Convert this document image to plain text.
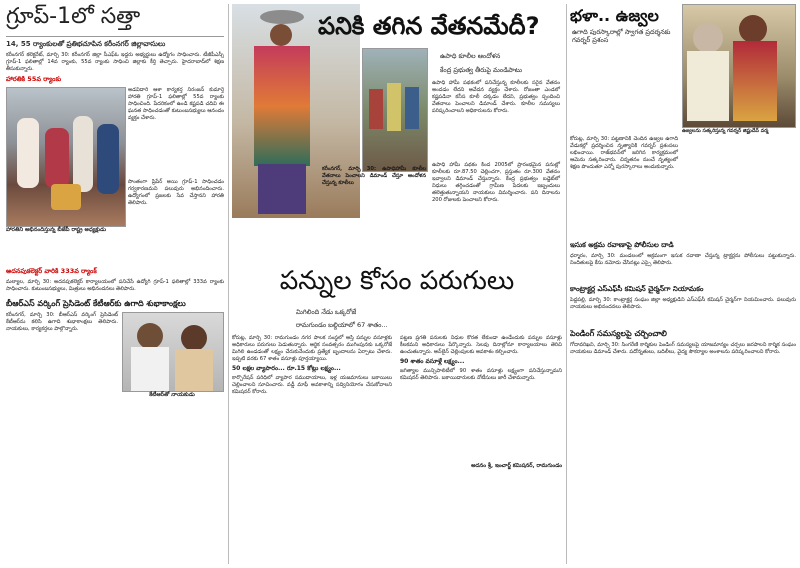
గ్రూప్‌-1లో సత్తా
14, 55 ర్యాంకులతో ప్రతిభచూపిన కరీంనగర్‌ జిల్లావాసులు

కరీంనగర్‌ కలెక్టరేట్‌, మార్చి 30: కరీంనగర్‌ జిల్లా సీఎఫ్‌ఓ ఇద్దరు అభ్యర్థులు ఉద్యోగం సాధించారు. టీజీపీఎస్సీ గ్రూప్‌-1 ఫలితాల్లో 14వ ర్యాంకు, 55వ ర్యాంకు సాధించి జిల్లాకు కీర్తి తెచ్చారు. హైదరాబాద్‌లో శిక్షణ తీసుకున్నారు.

హారతికి 55వ ర్యాంకు
హారతిని అభినందిస్తున్న బీజేపీ రాష్ట్ర అధ్యక్షుడు

అడవిదారి ఆశా కార్యకర్త నిరంజన్‌ కుమార్తె హారతి గ్రూప్‌-1 ఫలితాల్లో 55వ ర్యాంకు సాధించింది. పేదరికంలో ఉండి కష్టపడి చదివి ఈ ఘనత సాధించడంతో కుటుంబసభ్యులు ఆనందం వ్యక్తం చేశారు.

సొంతంగా ప్రిపేర్‌ అయి గ్రూప్‌-1 సాధించడం గర్వకారణమని పలువురు అభినందించారు. ఉద్యోగంలో ప్రజలకు సేవ చేస్తానని హారతి తెలిపారు.

అదనపుకలెక్టర్‌ వారికి 333వ ర్యాంక్‌

మల్యాల, మార్చి 30: అదనపుకలెక్టర్‌ కార్యాలయంలో పనిచేసే ఉద్యోగి గ్రూప్‌-1 ఫలితాల్లో 333వ ర్యాంకు సాధించారు. కుటుంబసభ్యులు, మిత్రులు అభినందనలు తెలిపారు.

బీఆర్‌ఎస్‌ వర్కింగ్‌ ప్రెసిడెంట్‌ కేటీఆర్‌కు ఉగాది శుభాకాంక్షలు

కరీంనగర్‌, మార్చి 30: బీఆర్‌ఎస్‌ వర్కింగ్‌ ప్రెసిడెంట్‌ కేటీఆర్‌ను కలిసి ఉగాది శుభాకాంక్షలు తెలిపారు. నాయకులు, కార్యకర్తలు పాల్గొన్నారు.

కేటీఆర్‌తో నాయకుడు
పనికి తగిన వేతనమేదీ?
ఉపాధి కూలీల ఆందోళన
కేంద్ర ప్రభుత్వ తీరుపై మండిపాటు

కరీంనగర్‌, మార్చి 30: ఉపాధిహామీ కూలీల వేతనాలు పెంచాలని డిమాండ్‌ చేస్తూ ఆందోళన చేస్తున్న కూలీలు

ఉపాధి హామీ పథకంలో పనిచేస్తున్న కూలీలకు సరైన వేతనం అందడం లేదని ఆవేదన వ్యక్తం చేశారు. రోజంతా ఎండలో కష్టపడినా కనీస కూలీ దక్కడం లేదని, ప్రభుత్వం స్పందించి వేతనాలు పెంచాలని డిమాండ్‌ చేశారు. కూలీల సమస్యలు పరిష్కరించాలని అధికారులను కోరారు.

ఉపాధి హామీ పథకం కింద 2005లో ప్రారంభమైన పనుల్లో కూలీలకు రూ.87.50 చెల్లించగా, ప్రస్తుతం రూ.300 వేతనం ఇవ్వాలని డిమాండ్‌ చేస్తున్నారు. కేంద్ర ప్రభుత్వం బడ్జెట్‌లో నిధులు తగ్గించడంతో గ్రామీణ పేదలకు ఇబ్బందులు తలెత్తుతున్నాయని నాయకులు విమర్శించారు. పని దినాలను 200 రోజులకు పెంచాలని కోరారు.

పన్నుల కోసం పరుగులు
మిగిలింది నేడు ఒక్కరోజే
రామగుండం బల్దియాలో 67 శాతం...

కోరుట్ల, మార్చి 30: రామగుండం నగర పాలక సంస్థలో ఆస్తి పన్నుల వసూళ్లకు అధికారులు పరుగులు పెడుతున్నారు. ఆర్థిక సంవత్సరం ముగింపునకు ఒక్కరోజే మిగిలి ఉండడంతో లక్ష్యం చేరుకునేందుకు ప్రత్యేక బృందాలను ఏర్పాటు చేశారు. ఇప్పటి వరకు 67 శాతం వసూళ్లు పూర్తయ్యాయి.

50 లక్షల వ్యాపారం... రూ.15 కోట్లు లక్ష్యం...

కార్పొరేషన్‌ పరిధిలో వ్యాపార సముదాయాలు, ఇళ్ల యజమానులు బకాయిలు చెల్లించాలని సూచించారు. వడ్డీ మాఫీ అవకాశాన్ని సద్వినియోగం చేసుకోవాలని కమిషనర్‌ కోరారు.

పట్టణ ప్రగతి పనులకు నిధుల కొరత లేకుండా ఉండేందుకు పన్నుల వసూళ్లు కీలకమని అధికారులు పేర్కొన్నారు. సెలవు దినాల్లోనూ కార్యాలయాలు తెరిచి ఉంచుతున్నారు. ఆన్‌లైన్‌ చెల్లింపులకు అవకాశం కల్పించారు.

90 శాతం వసూళ్లే లక్ష్యం...

జగిత్యాల మున్సిపాలిటీలో 90 శాతం వసూళ్లు లక్ష్యంగా పనిచేస్తున్నామని కమిషనర్‌ తెలిపారు. బకాయిదారులకు నోటీసులు జారీ చేశామన్నారు.

అదనం శ్రీ, ఇంచార్జ్‌ కమిషనర్‌, రామగుండం
భళా.. ఉజ్వల
ఉగాది పురస్కారాల్లో స్వాగత ప్రదర్శనకు గవర్నర్‌ ప్రశంస
ఉజ్వలను సత్కరిస్తున్న గవర్నర్‌ జిష్ణుదేవ్‌ వర్మ

కోరుట్ల, మార్చి 30: పట్టణానికి చెందిన ఉజ్వల ఉగాది వేడుకల్లో ప్రదర్శించిన నృత్యానికి గవర్నర్‌ ప్రశంసలు లభించాయి. రాజ్‌భవన్‌లో జరిగిన కార్యక్రమంలో ఆమెను సత్కరించారు. చిన్నతనం నుంచే నృత్యంలో శిక్షణ పొందుతూ ఎన్నో పురస్కారాలు అందుకున్నారు.

ఇసుక అక్రమ రవాణాపై పోలీసుల దాడి

ధర్మారం, మార్చి 30: మండలంలో అక్రమంగా ఇసుక రవాణా చేస్తున్న ట్రాక్టర్లను పోలీసులు పట్టుకున్నారు. నిందితులపై కేసు నమోదు చేసినట్లు ఎస్సై తెలిపారు.

కాంట్రాక్టర్ల ఎస్‌ఎఫ్‌సీ కమిషన్‌ చైర్మన్‌గా నియామకం

పెద్దపల్లి, మార్చి 30: కాంట్రాక్టర్ల సంఘం జిల్లా అధ్యక్షుడిని ఎస్‌ఎఫ్‌సీ కమిషన్‌ చైర్మన్‌గా నియమించారు. పలువురు నాయకులు అభినందనలు తెలిపారు.

పెండింగ్‌ సమస్యలపై చర్చించాలి

గోదావరిఖని, మార్చి 30: సింగరేణి కార్మికుల పెండింగ్‌ సమస్యలపై యాజమాన్యం చర్చలు జరపాలని కార్మిక సంఘం నాయకులు డిమాండ్‌ చేశారు. పదోన్నతులు, బదిలీలు, వైద్య సౌకర్యాల అంశాలను పరిష్కరించాలని కోరారు.
